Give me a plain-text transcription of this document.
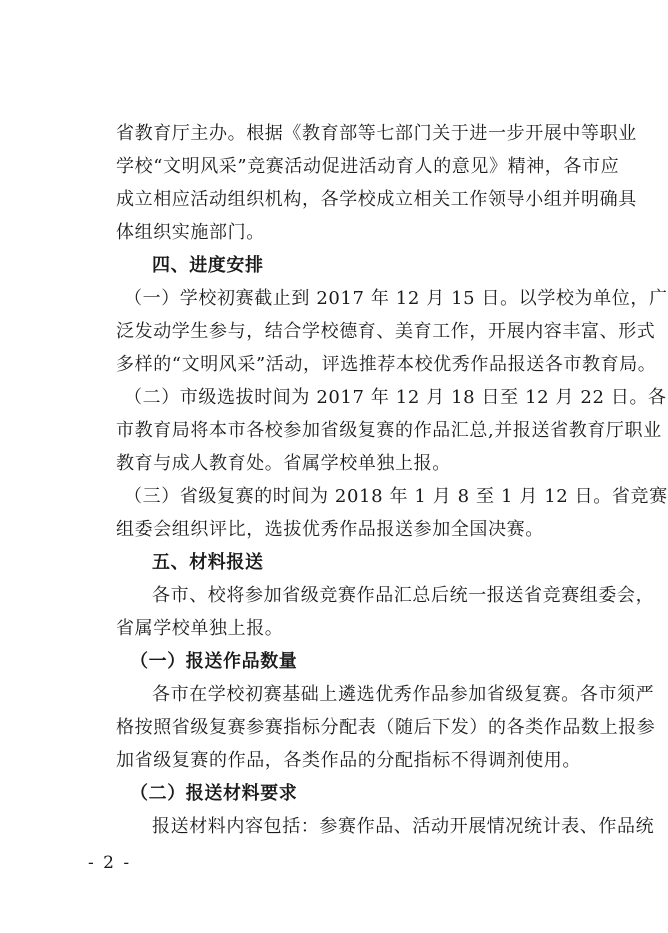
省教育厅主办。根据《教育部等七部门关于进一步开展中等职业
学校“文明风采”竞赛活动促进活动育人的意见》精神，各市应
成立相应活动组织机构，各学校成立相关工作领导小组并明确具
体组织实施部门。
四、进度安排
（一）学校初赛截止到 2017 年 12 月 15 日。以学校为单位，广
泛发动学生参与，结合学校德育、美育工作，开展内容丰富、形式
多样的“文明风采”活动，评选推荐本校优秀作品报送各市教育局。
（二）市级选拔时间为 2017 年 12 月 18 日至 12 月 22 日。各
市教育局将本市各校参加省级复赛的作品汇总,并报送省教育厅职业
教育与成人教育处。省属学校单独上报。
（三）省级复赛的时间为 2018 年 1 月 8 至 1 月 12 日。省竞赛
组委会组织评比，选拔优秀作品报送参加全国决赛。
五、材料报送
各市、校将参加省级竞赛作品汇总后统一报送省竞赛组委会，
省属学校单独上报。
（一）报送作品数量
各市在学校初赛基础上遴选优秀作品参加省级复赛。各市须严
格按照省级复赛参赛指标分配表（随后下发）的各类作品数上报参
加省级复赛的作品，各类作品的分配指标不得调剂使用。
（二）报送材料要求
报送材料内容包括：参赛作品、活动开展情况统计表、作品统
- 2 -
